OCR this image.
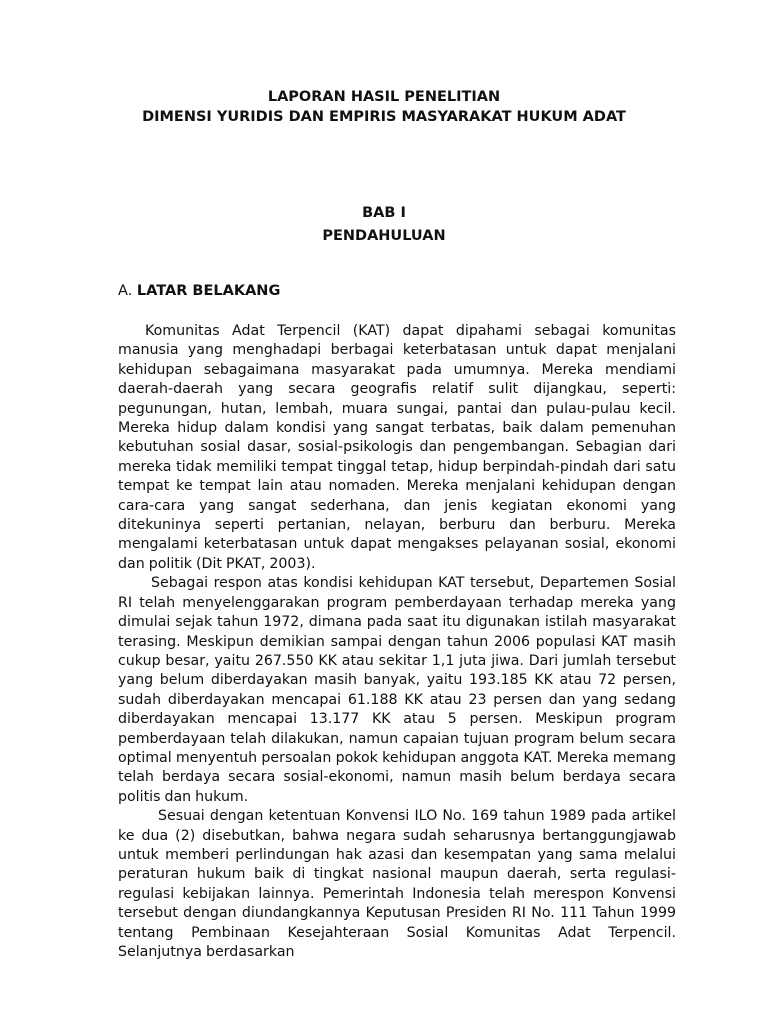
LAPORAN HASIL PENELITIAN

DIMENSI YURIDIS DAN EMPIRIS MASYARAKAT HUKUM ADAT

BAB I

PENDAHULUAN

A. LATAR BELAKANG

Komunitas Adat Terpencil (KAT) dapat dipahami sebagai komunitas manusia yang menghadapi berbagai keterbatasan untuk dapat menjalani kehidupan sebagaimana masyarakat pada umumnya. Mereka mendiami daerah-daerah yang secara geografis relatif sulit dijangkau, seperti: pegunungan, hutan, lembah, muara sungai, pantai dan pulau-pulau kecil. Mereka hidup dalam kondisi yang sangat terbatas, baik dalam pemenuhan kebutuhan sosial dasar, sosial-psikologis dan pengembangan. Sebagian dari mereka tidak memiliki tempat tinggal tetap, hidup berpindah-pindah dari satu tempat ke tempat lain atau nomaden. Mereka menjalani kehidupan dengan cara-cara yang sangat sederhana, dan jenis kegiatan ekonomi yang ditekuninya seperti pertanian, nelayan, berburu dan berburu. Mereka mengalami keterbatasan untuk dapat mengakses pelayanan sosial, ekonomi dan politik (Dit PKAT, 2003).

Sebagai respon atas kondisi kehidupan KAT tersebut, Departemen Sosial RI telah menyelenggarakan program pemberdayaan terhadap mereka yang dimulai sejak tahun 1972, dimana pada saat itu digunakan istilah masyarakat terasing. Meskipun demikian sampai dengan tahun 2006 populasi KAT masih cukup besar, yaitu 267.550 KK atau sekitar 1,1 juta jiwa. Dari jumlah tersebut yang belum diberdayakan masih banyak, yaitu 193.185 KK atau 72 persen, sudah diberdayakan mencapai 61.188 KK atau 23 persen dan yang sedang diberdayakan mencapai 13.177 KK atau 5 persen. Meskipun program pemberdayaan telah dilakukan, namun capaian tujuan program belum secara optimal menyentuh persoalan pokok kehidupan anggota KAT. Mereka memang telah berdaya secara sosial-ekonomi, namun masih belum berdaya secara politis dan hukum.

Sesuai dengan ketentuan Konvensi ILO No. 169 tahun 1989 pada artikel ke dua (2) disebutkan, bahwa negara sudah seharusnya bertanggungjawab untuk memberi perlindungan hak azasi dan kesempatan yang sama melalui peraturan hukum baik di tingkat nasional maupun daerah, serta regulasi-regulasi kebijakan lainnya. Pemerintah Indonesia telah merespon Konvensi tersebut dengan diundangkannya Keputusan Presiden RI No. 111 Tahun 1999 tentang Pembinaan Kesejahteraan Sosial Komunitas Adat Terpencil. Selanjutnya berdasarkan
